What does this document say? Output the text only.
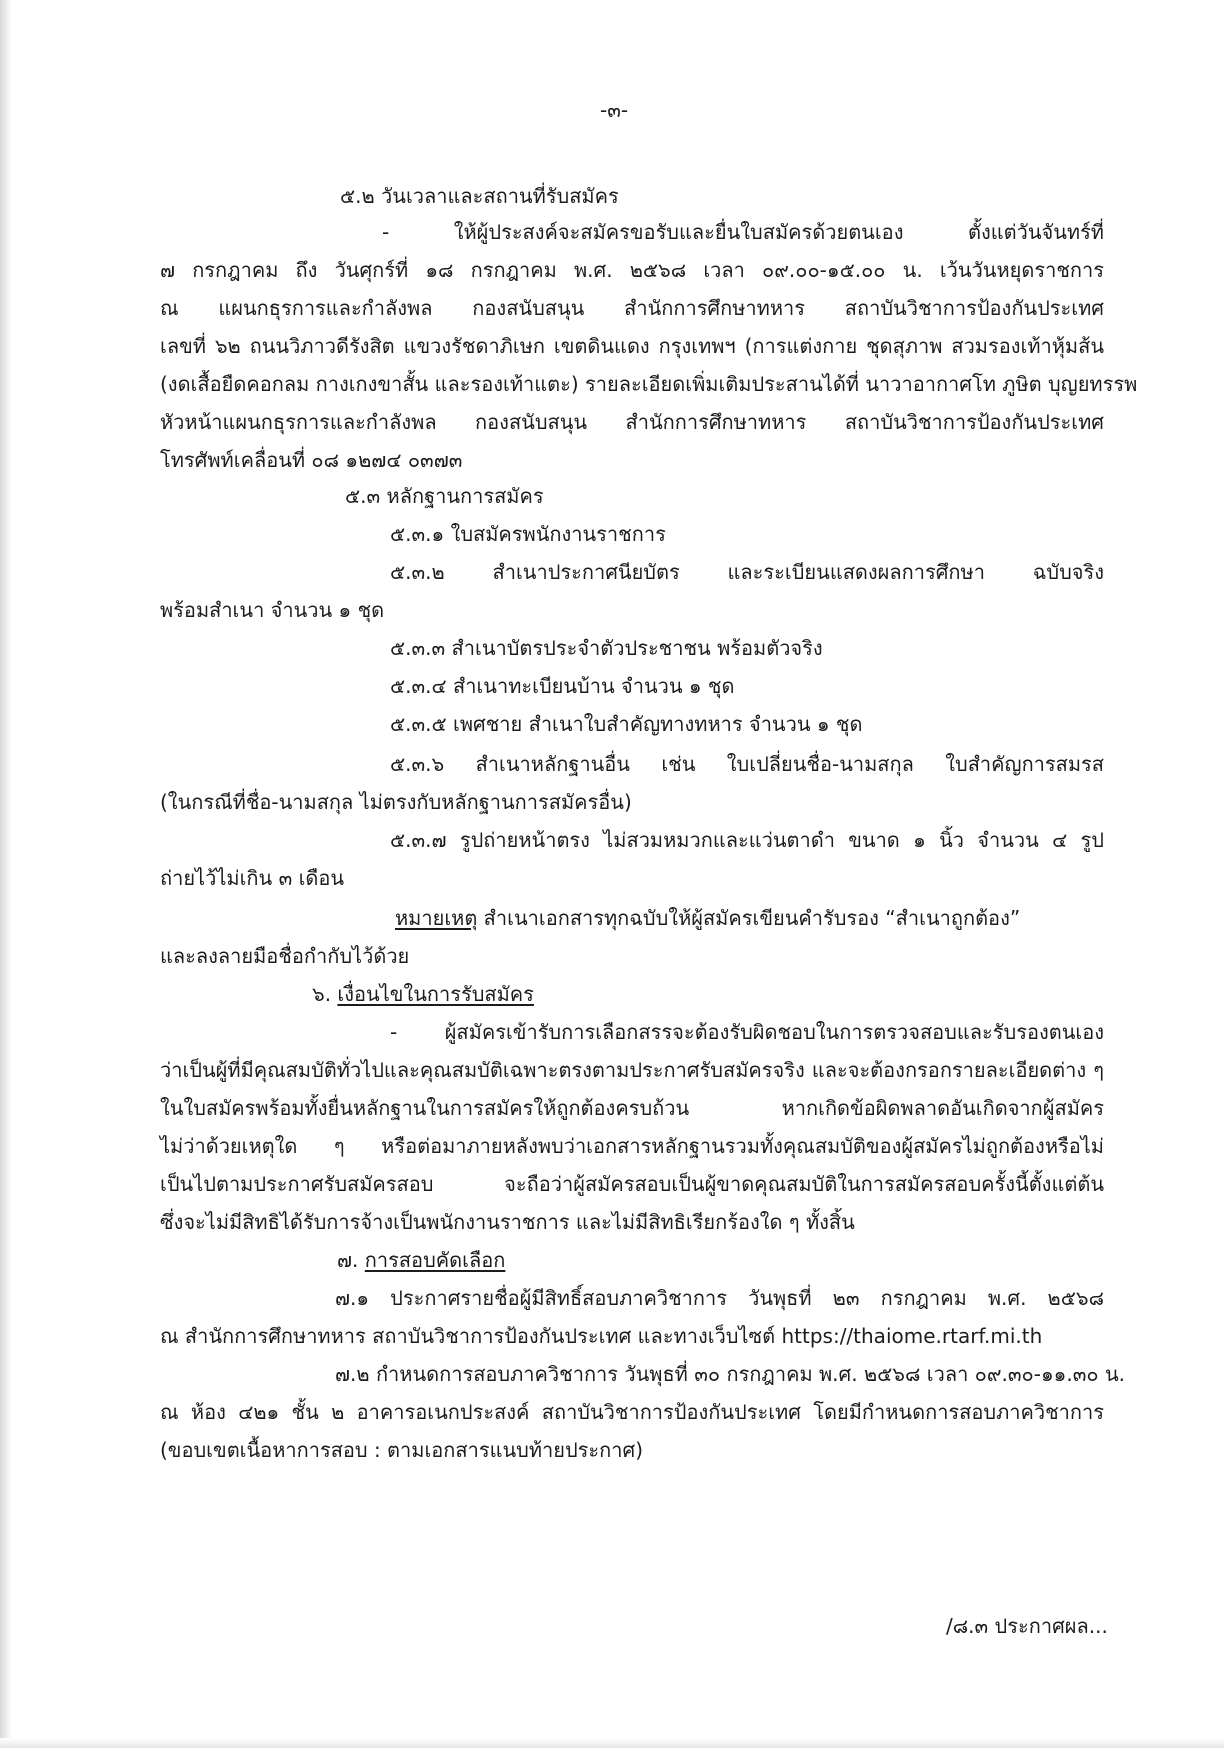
-๓-
๕.๒ วันเวลาและสถานที่รับสมัคร
- ให้ผู้ประสงค์จะสมัครขอรับและยื่นใบสมัครด้วยตนเอง ตั้งแต่วันจันทร์ที่
๗ กรกฎาคม ถึง วันศุกร์ที่ ๑๘ กรกฎาคม พ.ศ. ๒๕๖๘ เวลา ๐๙.๐๐-๑๕.๐๐ น. เว้นวันหยุดราชการ
ณ แผนกธุรการและกำลังพล กองสนับสนุน สำนักการศึกษาทหาร สถาบันวิชาการป้องกันประเทศ
เลขที่ ๖๒ ถนนวิภาวดีรังสิต แขวงรัชดาภิเษก เขตดินแดง กรุงเทพฯ (การแต่งกาย ชุดสุภาพ สวมรองเท้าหุ้มส้น
(งดเสื้อยืดคอกลม กางเกงขาสั้น และรองเท้าแตะ) รายละเอียดเพิ่มเติมประสานได้ที่ นาวาอากาศโท ภูษิต บุญยทรรพ
หัวหน้าแผนกธุรการและกำลังพล กองสนับสนุน สำนักการศึกษาทหาร สถาบันวิชาการป้องกันประเทศ
โทรศัพท์เคลื่อนที่ ๐๘ ๑๒๗๔ ๐๓๗๓
๕.๓ หลักฐานการสมัคร
๕.๓.๑ ใบสมัครพนักงานราชการ
๕.๓.๒ สำเนาประกาศนียบัตร และระเบียนแสดงผลการศึกษา ฉบับจริง
พร้อมสำเนา จำนวน ๑ ชุด
๕.๓.๓ สำเนาบัตรประจำตัวประชาชน พร้อมตัวจริง
๕.๓.๔ สำเนาทะเบียนบ้าน จำนวน ๑ ชุด
๕.๓.๕ เพศชาย สำเนาใบสำคัญทางทหาร จำนวน ๑ ชุด
๕.๓.๖ สำเนาหลักฐานอื่น เช่น ใบเปลี่ยนชื่อ-นามสกุล ใบสำคัญการสมรส
(ในกรณีที่ชื่อ-นามสกุล ไม่ตรงกับหลักฐานการสมัครอื่น)
๕.๓.๗ รูปถ่ายหน้าตรง ไม่สวมหมวกและแว่นตาดำ ขนาด ๑ นิ้ว จำนวน ๔ รูป
ถ่ายไว้ไม่เกิน ๓ เดือน
หมายเหตุ สำเนาเอกสารทุกฉบับให้ผู้สมัครเขียนคำรับรอง “สำเนาถูกต้อง”
และลงลายมือชื่อกำกับไว้ด้วย
๖. เงื่อนไขในการรับสมัคร
- ผู้สมัครเข้ารับการเลือกสรรจะต้องรับผิดชอบในการตรวจสอบและรับรองตนเอง
ว่าเป็นผู้ที่มีคุณสมบัติทั่วไปและคุณสมบัติเฉพาะตรงตามประกาศรับสมัครจริง และจะต้องกรอกรายละเอียดต่าง ๆ
ในใบสมัครพร้อมทั้งยื่นหลักฐานในการสมัครให้ถูกต้องครบถ้วน หากเกิดข้อผิดพลาดอันเกิดจากผู้สมัคร
ไม่ว่าด้วยเหตุใด ๆ หรือต่อมาภายหลังพบว่าเอกสารหลักฐานรวมทั้งคุณสมบัติของผู้สมัครไม่ถูกต้องหรือไม่
เป็นไปตามประกาศรับสมัครสอบ จะถือว่าผู้สมัครสอบเป็นผู้ขาดคุณสมบัติในการสมัครสอบครั้งนี้ตั้งแต่ต้น
ซึ่งจะไม่มีสิทธิได้รับการจ้างเป็นพนักงานราชการ และไม่มีสิทธิเรียกร้องใด ๆ ทั้งสิ้น
๗. การสอบคัดเลือก
๗.๑ ประกาศรายชื่อผู้มีสิทธิ์สอบภาควิชาการ วันพุธที่ ๒๓ กรกฎาคม พ.ศ. ๒๕๖๘
ณ สำนักการศึกษาทหาร สถาบันวิชาการป้องกันประเทศ และทางเว็บไซต์ https://thaiome.rtarf.mi.th
๗.๒ กำหนดการสอบภาควิชาการ วันพุธที่ ๓๐ กรกฎาคม พ.ศ. ๒๕๖๘ เวลา ๐๙.๓๐-๑๑.๓๐ น.
ณ ห้อง ๔๒๑ ชั้น ๒ อาคารอเนกประสงค์ สถาบันวิชาการป้องกันประเทศ โดยมีกำหนดการสอบภาควิชาการ
(ขอบเขตเนื้อหาการสอบ : ตามเอกสารแนบท้ายประกาศ)
/๘.๓ ประกาศผล...
